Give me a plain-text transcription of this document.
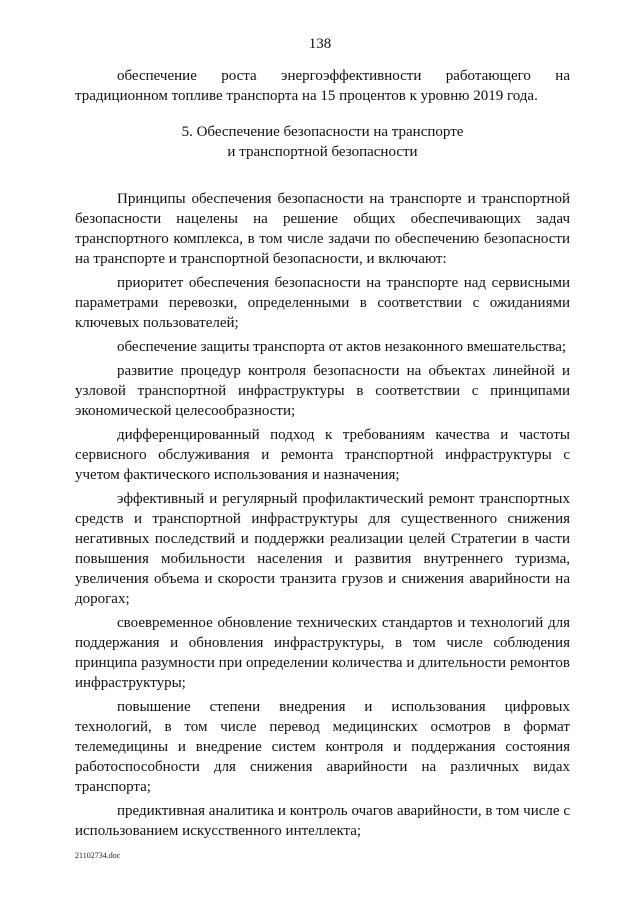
138

обеспечение роста энергоэффективности работающего на традиционном топливе транспорта на 15 процентов к уровню 2019 года.

5. Обеспечение безопасности на транспорте
и транспортной безопасности

Принципы обеспечения безопасности на транспорте и транспортной безопасности нацелены на решение общих обеспечивающих задач транспортного комплекса, в том числе задачи по обеспечению безопасности на транспорте и транспортной безопасности, и включают:

приоритет обеспечения безопасности на транспорте над сервисными параметрами перевозки, определенными в соответствии с ожиданиями ключевых пользователей;

обеспечение защиты транспорта от актов незаконного вмешательства;

развитие процедур контроля безопасности на объектах линейной и узловой транспортной инфраструктуры в соответствии с принципами экономической целесообразности;

дифференцированный подход к требованиям качества и частоты сервисного обслуживания и ремонта транспортной инфраструктуры с учетом фактического использования и назначения;

эффективный и регулярный профилактический ремонт транспортных средств и транспортной инфраструктуры для существенного снижения негативных последствий и поддержки реализации целей Стратегии в части повышения мобильности населения и развития внутреннего туризма, увеличения объема и скорости транзита грузов и снижения аварийности на дорогах;

своевременное обновление технических стандартов и технологий для поддержания и обновления инфраструктуры, в том числе соблюдения принципа разумности при определении количества и длительности ремонтов инфраструктуры;

повышение степени внедрения и использования цифровых технологий, в том числе перевод медицинских осмотров в формат телемедицины и внедрение систем контроля и поддержания состояния работоспособности для снижения аварийности на различных видах транспорта;

предиктивная аналитика и контроль очагов аварийности, в том числе с использованием искусственного интеллекта;

21102734.doc
